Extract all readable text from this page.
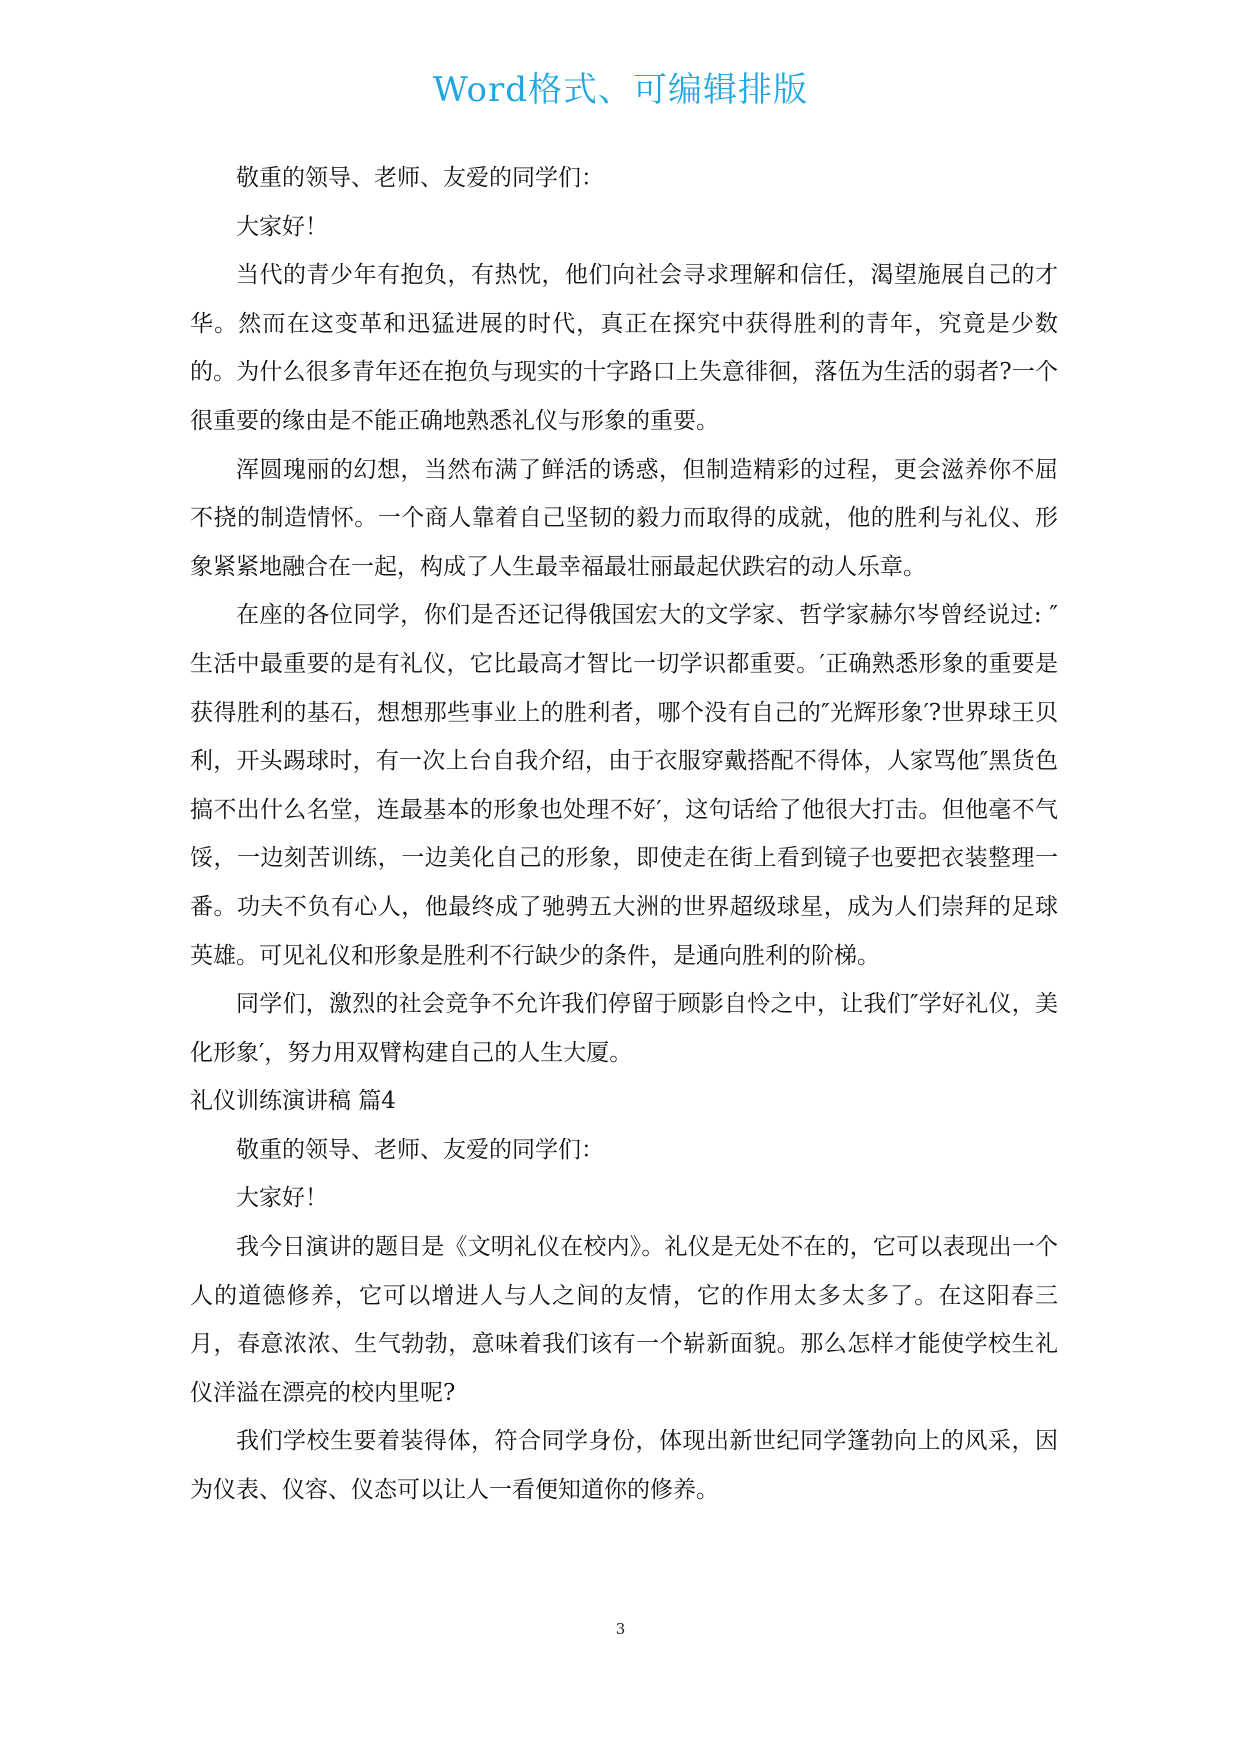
Word格式、可编辑排版

敬重的领导、老师、友爱的同学们：

大家好！

当代的青少年有抱负，有热忱，他们向社会寻求理解和信任，渴望施展自己的才华。然而在这变革和迅猛进展的时代，真正在探究中获得胜利的青年，究竟是少数的。为什么很多青年还在抱负与现实的十字路口上失意徘徊，落伍为生活的弱者?一个很重要的缘由是不能正确地熟悉礼仪与形象的重要。

浑圆瑰丽的幻想，当然布满了鲜活的诱惑，但制造精彩的过程，更会滋养你不屈不挠的制造情怀。一个商人靠着自己坚韧的毅力而取得的成就，他的胜利与礼仪、形象紧紧地融合在一起，构成了人生最幸福最壮丽最起伏跌宕的动人乐章。

在座的各位同学，你们是否还记得俄国宏大的文学家、哲学家赫尔岑曾经说过: ″生活中最重要的是有礼仪，它比最高才智比一切学识都重要。′正确熟悉形象的重要是获得胜利的基石，想想那些事业上的胜利者，哪个没有自己的″光辉形象′?世界球王贝利，开头踢球时，有一次上台自我介绍，由于衣服穿戴搭配不得体，人家骂他″黑货色搞不出什么名堂，连最基本的形象也处理不好′，这句话给了他很大打击。但他毫不气馁，一边刻苦训练，一边美化自己的形象，即使走在街上看到镜子也要把衣装整理一番。功夫不负有心人，他最终成了驰骋五大洲的世界超级球星，成为人们崇拜的足球英雄。可见礼仪和形象是胜利不行缺少的条件，是通向胜利的阶梯。

同学们，激烈的社会竞争不允许我们停留于顾影自怜之中，让我们″学好礼仪，美化形象′，努力用双臂构建自己的人生大厦。

礼仪训练演讲稿 篇4

敬重的领导、老师、友爱的同学们：

大家好！

我今日演讲的题目是《文明礼仪在校内》。礼仪是无处不在的，它可以表现出一个人的道德修养，它可以增进人与人之间的友情，它的作用太多太多了。在这阳春三月，春意浓浓、生气勃勃，意味着我们该有一个崭新面貌。那么怎样才能使学校生礼仪洋溢在漂亮的校内里呢?

我们学校生要着装得体，符合同学身份，体现出新世纪同学篷勃向上的风采，因为仪表、仪容、仪态可以让人一看便知道你的修养。

3
